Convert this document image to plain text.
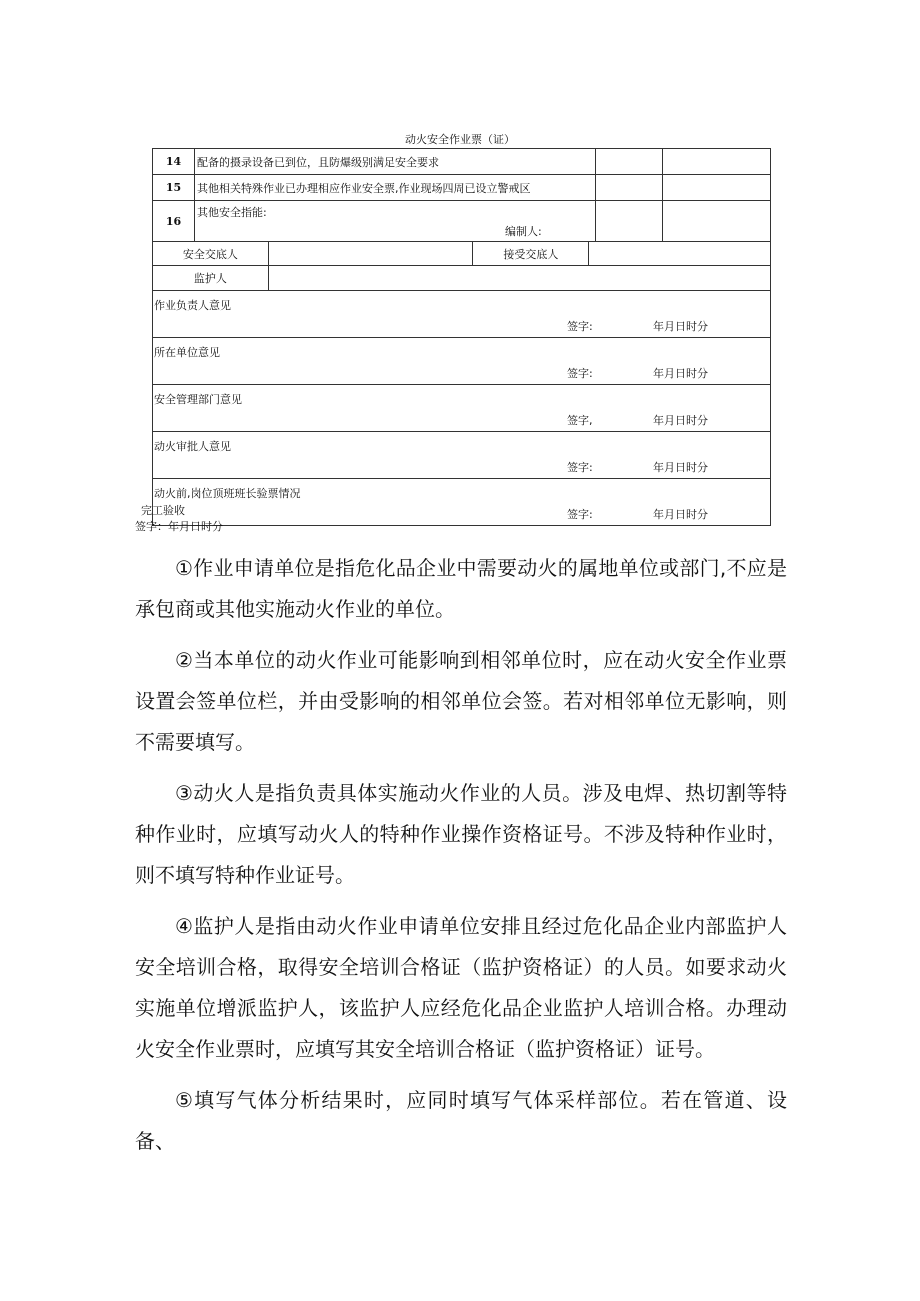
动火安全作业票（证）
14	配备的摄录设备已到位，且防爆级别满足安全要求					
15	其他相关特殊作业已办理相应作业安全票,作业现场四周已设立警戒区					
16	其他安全指能:
编制人:					

安全交底人			接受交底人			
监护人						
作业负责人意见
签字: 年月日时分						

所在单位意见
签字: 年月日时分						

安全管理部门意见
签字, 年月日时分						

动火审批人意见
签字: 年月日时分						

动火前,岗位顶班班长验票情况
签字: 年月日时分						
完工验收
签字：年月日时分

①作业申请单位是指危化品企业中需要动火的属地单位或部门,不应是承包商或其他实施动火作业的单位。

②当本单位的动火作业可能影响到相邻单位时，应在动火安全作业票设置会签单位栏，并由受影响的相邻单位会签。若对相邻单位无影响，则不需要填写。

③动火人是指负责具体实施动火作业的人员。涉及电焊、热切割等特种作业时，应填写动火人的特种作业操作资格证号。不涉及特种作业时，则不填写特种作业证号。

④监护人是指由动火作业申请单位安排且经过危化品企业内部监护人安全培训合格，取得安全培训合格证（监护资格证）的人员。如要求动火实施单位增派监护人，该监护人应经危化品企业监护人培训合格。办理动火安全作业票时，应填写其安全培训合格证（监护资格证）证号。

⑤填写气体分析结果时，应同时填写气体采样部位。若在管道、设备、
